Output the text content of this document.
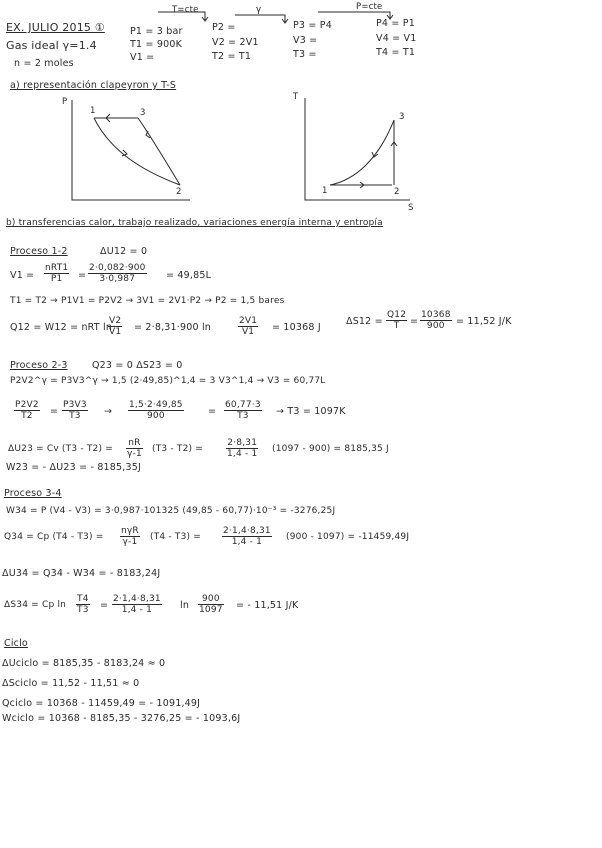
EX. JULIO 2015 ①
Gas ideal γ=1.4
n = 2 moles
T=cte	γ	P=cte
P1 = 3 bar
T1 = 900K
V1 =
P2 =
V2 = 2V1
T2 = T1
P3 = P4
V3 =
T3 =
P4 = P1
V4 = V1
T4 = T1
a) representación clapeyron y T-S
P
1	3
2
T
S
1	2
3
b) transferencias calor, trabajo realizado, variaciones energía interna y entropía
Proceso 1-2	ΔU12 = 0
V1 =
nRT1
P1	= $\frac{2\cdot 0,082\cdot 900}{3\cdot 0,987} = 49,85L$
T1 = T2 → P1V1 = P2V2 → 3V1 = 2V1·P2 → P2 = 1,5 bares
Q12 = W12 = nRT ln
$\frac{V2}{V1} = 2\cdot 8,31\cdot 900$ ln	$\frac{2V1}{V1} = 10368$ J
$\Delta S12 = \frac{Q12}{T} = \frac{10368}{900} = 11,52$ J/K
Proceso 2-3	Q23 = 0 ΔS23 = 0
P2V2^γ = P3V3^γ → 1,5 (2·49,85)^1,4 = 3 V3^1,4 → V3 = 60,77L
$\frac{P2V2}{T2} = \frac{P3V3}{T3} \to \frac{1,5\cdot 2\cdot 49,85}{900}$	= $\frac{60,77\cdot 3}{T3} \to T3 = 1097K$
ΔU23 = Cv $(T3 - T2) = \frac{nR}{\gamma-1} (T3 - T2)$ =	$\frac{2\cdot 8,31}{1,4 - 1} (1097 - 900) = 8185,35$ J
W23 = - ΔU23 = - 8185,35J
Proceso 3-4
W34 = P (V4 - V3) = 3·0,987·101325 (49,85 - 60,77)·10⁻³ = -3276,25J
Q34 = Cp (T4 - T3) =
nγR
γ-1 $(T4 - T3) = \frac{2\cdot 1,4\cdot 8,31}{1,4 - 1} (900 - 1097) = -11459,49J$
ΔU34 = Q34 - W34 = - 8183,24J
ΔS34 = Cp $\ln \frac{T4}{T3} = \frac{2\cdot 1,4\cdot 8,31}{1,4 - 1}$ $\ln \frac{900}{1097}$ = - 11,51 J/K
Ciclo
ΔUciclo = 8185,35 - 8183,24 ≈ 0
ΔSciclo = 11,52 - 11,51 ≈ 0
Qciclo = 10368 - 11459,49 = - 1091,49J
Wciclo = 10368 - 8185,35 - 3276,25 = - 1093,6J
